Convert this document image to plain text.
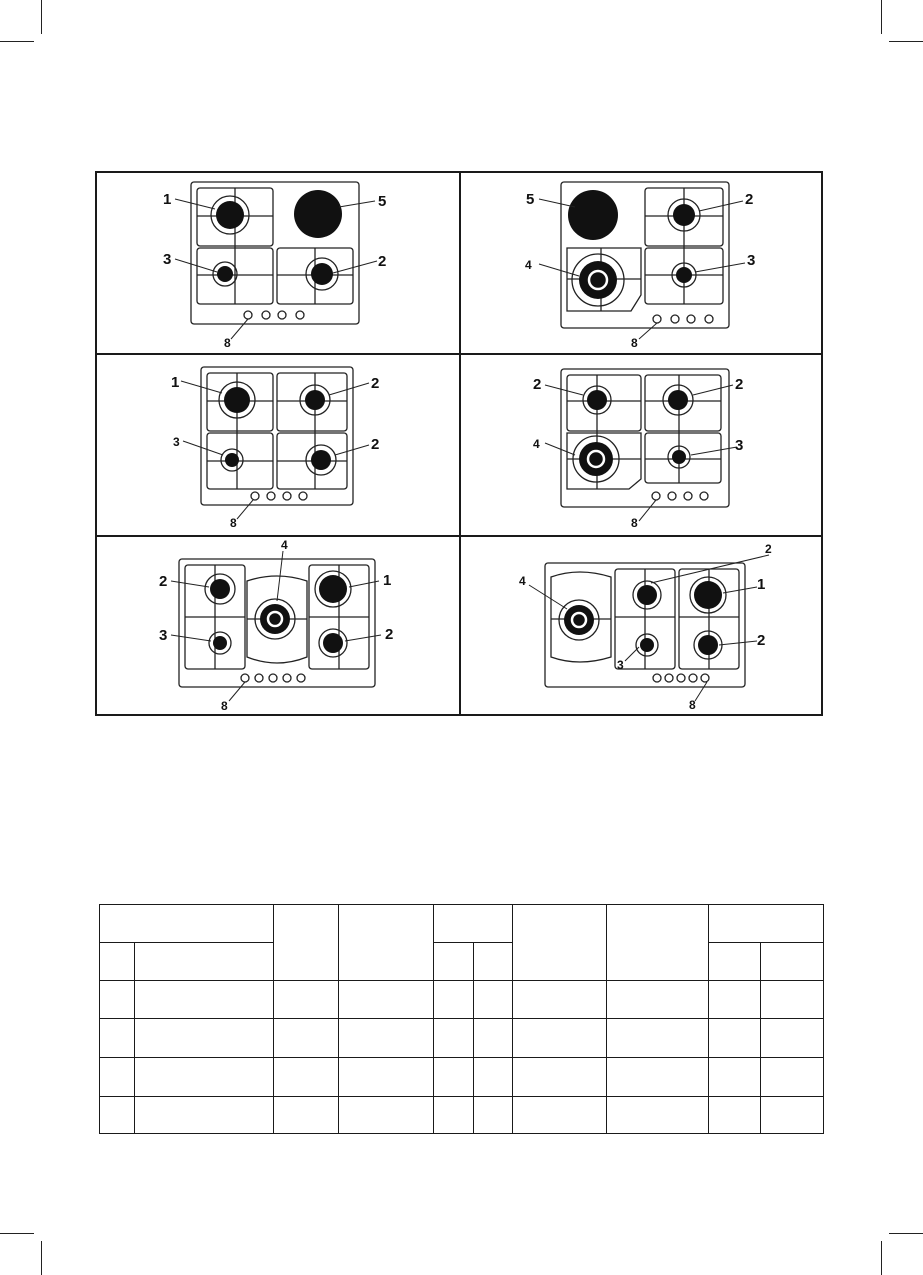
1	5
3	2
8
5	2
4	3
8
1	2
3	2
8
2	2
4	3
8
4
2	1
3	2
8
2
4	1
3
2
8
